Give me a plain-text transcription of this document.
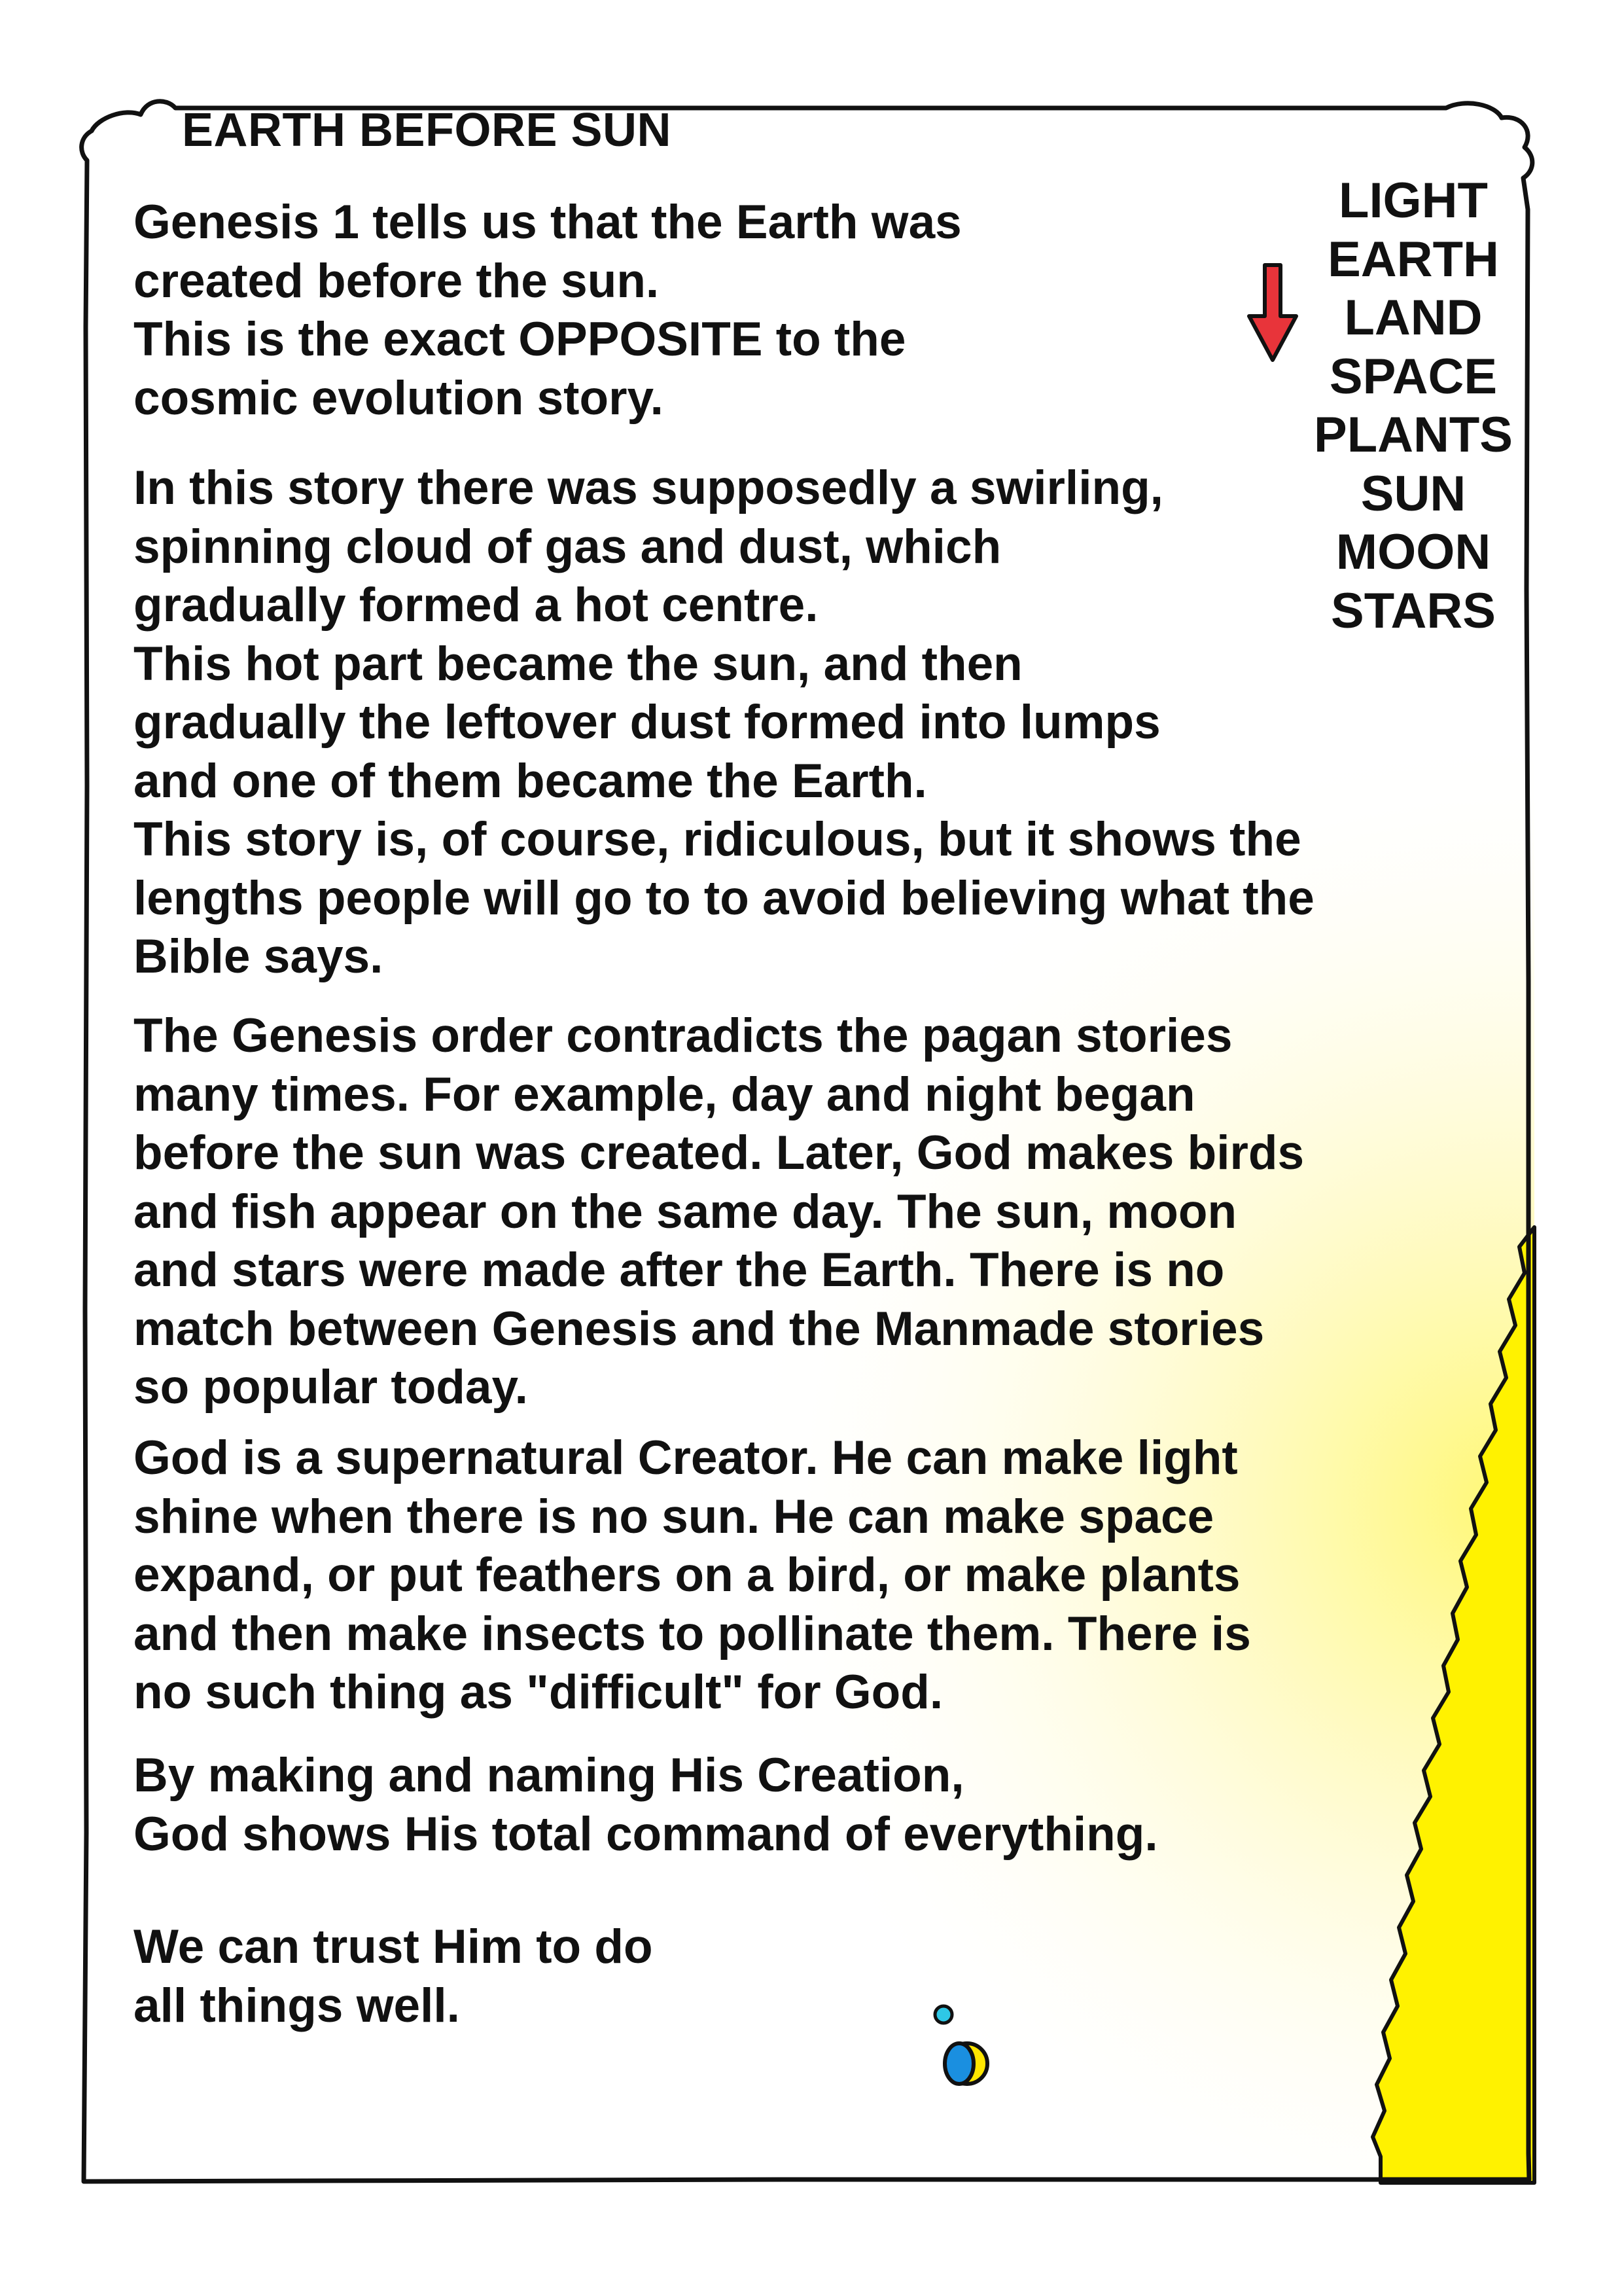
EARTH BEFORE SUN
LIGHT
EARTH
LAND
SPACE
PLANTS
SUN
MOON
STARS
Genesis 1 tells us that the Earth was
created before the sun.
This is the exact OPPOSITE to the
cosmic evolution story.
In this story there was supposedly a swirling,
spinning cloud of gas and dust, which
gradually formed a hot centre.
This hot part became the sun, and then
gradually the leftover dust formed into lumps
and one of them became the Earth.
This story is, of course, ridiculous, but it shows the
lengths people will go to to avoid believing what the
Bible says.
The Genesis order contradicts the pagan stories
many times. For example, day and night began
before the sun was created. Later, God makes birds
and fish appear on the same day. The sun, moon
and stars were made after the Earth. There is no
match between Genesis and the Manmade stories
so popular today.
God is a supernatural Creator. He can make light
shine when there is no sun. He can make space
expand, or put feathers on a bird, or make plants
and then make insects to pollinate them. There is
no such thing as "difficult" for God.
By making and naming His Creation,
God shows His total command of everything.
We can trust Him to do
all things well.
